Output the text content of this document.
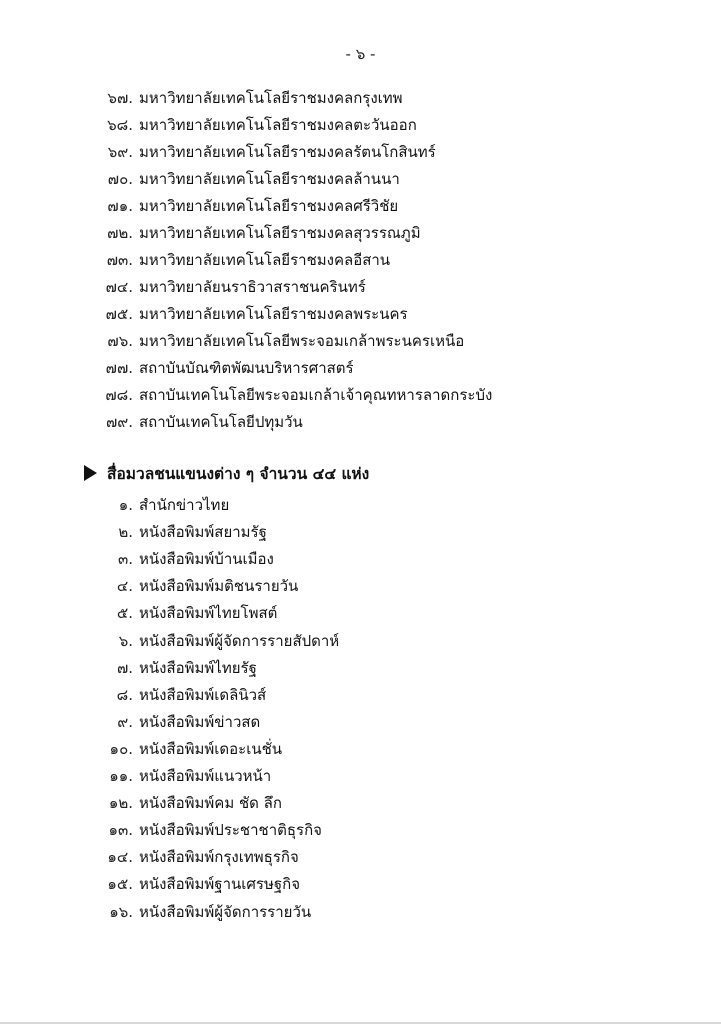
- ๖ -
๖๗. มหาวิทยาลัยเทคโนโลยีราชมงคลกรุงเทพ
๖๘. มหาวิทยาลัยเทคโนโลยีราชมงคลตะวันออก
๖๙. มหาวิทยาลัยเทคโนโลยีราชมงคลรัตนโกสินทร์
๗๐. มหาวิทยาลัยเทคโนโลยีราชมงคลล้านนา
๗๑. มหาวิทยาลัยเทคโนโลยีราชมงคลศรีวิชัย
๗๒. มหาวิทยาลัยเทคโนโลยีราชมงคลสุวรรณภูมิ
๗๓. มหาวิทยาลัยเทคโนโลยีราชมงคลอีสาน
๗๔. มหาวิทยาลัยนราธิวาสราชนครินทร์
๗๕. มหาวิทยาลัยเทคโนโลยีราชมงคลพระนคร
๗๖. มหาวิทยาลัยเทคโนโลยีพระจอมเกล้าพระนครเหนือ
๗๗. สถาบันบัณฑิตพัฒนบริหารศาสตร์
๗๘. สถาบันเทคโนโลยีพระจอมเกล้าเจ้าคุณทหารลาดกระบัง
๗๙. สถาบันเทคโนโลยีปทุมวัน
สื่อมวลชนแขนงต่าง ๆ จำนวน ๔๔ แห่ง
๑. สำนักข่าวไทย
๒. หนังสือพิมพ์สยามรัฐ
๓. หนังสือพิมพ์บ้านเมือง
๔. หนังสือพิมพ์มติชนรายวัน
๕. หนังสือพิมพ์ไทยโพสต์
๖. หนังสือพิมพ์ผู้จัดการรายสัปดาห์
๗. หนังสือพิมพ์ไทยรัฐ
๘. หนังสือพิมพ์เดลินิวส์
๙. หนังสือพิมพ์ข่าวสด
๑๐. หนังสือพิมพ์เดอะเนชั่น
๑๑. หนังสือพิมพ์แนวหน้า
๑๒. หนังสือพิมพ์คม ชัด ลึก
๑๓. หนังสือพิมพ์ประชาชาติธุรกิจ
๑๔. หนังสือพิมพ์กรุงเทพธุรกิจ
๑๕. หนังสือพิมพ์ฐานเศรษฐกิจ
๑๖. หนังสือพิมพ์ผู้จัดการรายวัน
